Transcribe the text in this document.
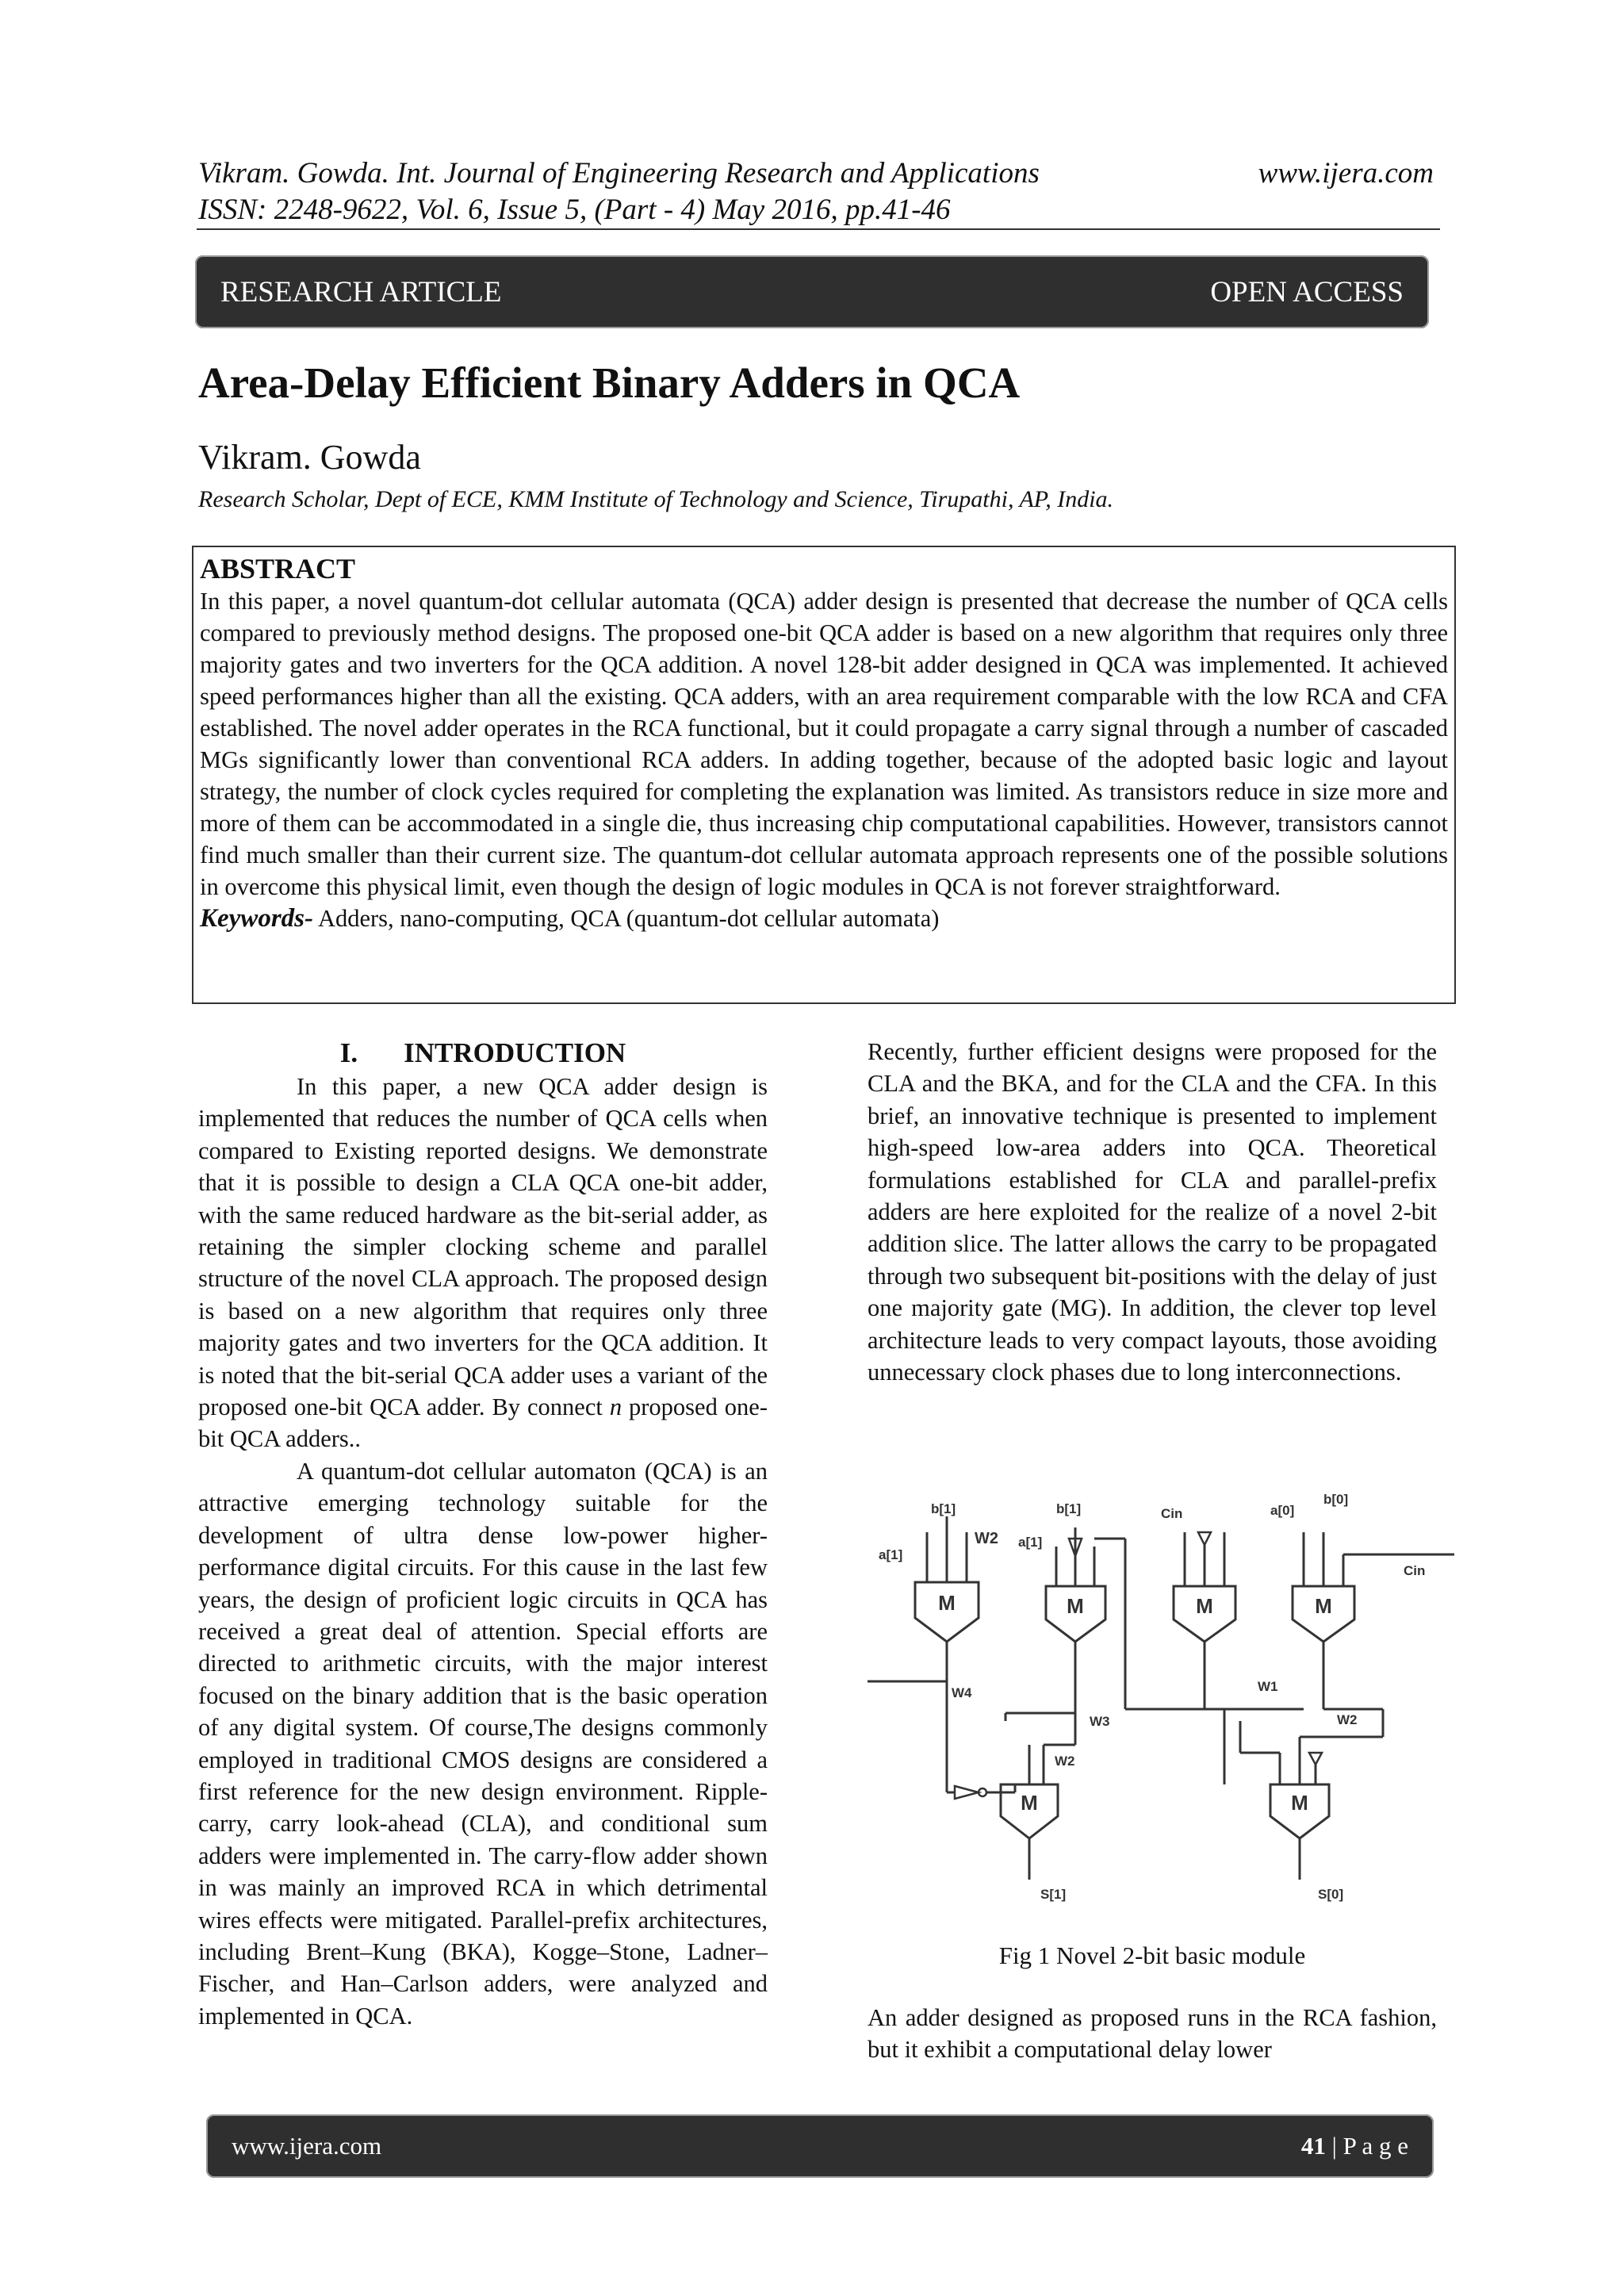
Vikram. Gowda. Int. Journal of Engineering Research and Applications
ISSN: 2248-9622, Vol. 6, Issue 5, (Part - 4) May 2016, pp.41-46
www.ijera.com
RESEARCH ARTICLE	OPEN ACCESS
Area-Delay Efficient Binary Adders in QCA
Vikram. Gowda
Research Scholar, Dept of ECE, KMM Institute of Technology and Science, Tirupathi, AP, India.
ABSTRACT

In this paper, a novel quantum-dot cellular automata (QCA) adder design is presented that decrease the number of QCA cells compared to previously method designs. The proposed one-bit QCA adder is based on a new algorithm that requires only three majority gates and two inverters for the QCA addition. A novel 128-bit adder designed in QCA was implemented. It achieved speed performances higher than all the existing. QCA adders, with an area requirement comparable with the low RCA and CFA established. The novel adder operates in the RCA functional, but it could propagate a carry signal through a number of cascaded MGs significantly lower than conventional RCA adders. In adding together, because of the adopted basic logic and layout strategy, the number of clock cycles required for completing the explanation was limited. As transistors reduce in size more and more of them can be accommodated in a single die, thus increasing chip computational capabilities. However, transistors cannot find much smaller than their current size. The quantum-dot cellular automata approach represents one of the possible solutions in overcome this physical limit, even though the design of logic modules in QCA is not forever straightforward.

Keywords- Adders, nano-computing, QCA (quantum-dot cellular automata)

I. INTRODUCTION

In this paper, a new QCA adder design is implemented that reduces the number of QCA cells when compared to Existing reported designs. We demonstrate that it is possible to design a CLA QCA one-bit adder, with the same reduced hardware as the bit-serial adder, as retaining the simpler clocking scheme and parallel structure of the novel CLA approach. The proposed design is based on a new algorithm that requires only three majority gates and two inverters for the QCA addition. It is noted that the bit-serial QCA adder uses a variant of the proposed one-bit QCA adder. By connect n proposed one-bit QCA adders..

A quantum-dot cellular automaton (QCA) is an attractive emerging technology suitable for the development of ultra dense low-power higher-performance digital circuits. For this cause in the last few years, the design of proficient logic circuits in QCA has received a great deal of attention. Special efforts are directed to arithmetic circuits, with the major interest focused on the binary addition that is the basic operation of any digital system. Of course,The designs commonly employed in traditional CMOS designs are considered a first reference for the new design environment. Ripple-carry, carry look-ahead (CLA), and conditional sum adders were implemented in. The carry-flow adder shown in was mainly an improved RCA in which detrimental wires effects were mitigated. Parallel-prefix architectures, including Brent–Kung (BKA), Kogge–Stone, Ladner–Fischer, and Han–Carlson adders, were analyzed and implemented in QCA.

Recently, further efficient designs were proposed for the CLA and the BKA, and for the CLA and the CFA. In this brief, an innovative technique is presented to implement high-speed low-area adders into QCA. Theoretical formulations established for CLA and parallel-prefix adders are here exploited for the realize of a novel 2-bit addition slice. The latter allows the carry to be propagated through two subsequent bit-positions with the delay of just one majority gate (MG). In addition, the clever top level architecture leads to very compact layouts, those avoiding unnecessary clock phases due to long interconnections.

M	M	M	M
M	M
b[1]
a[1]
W2 a[1]
b[1]	Cin	a[0]
b[0]
Cin
W4
W3
W1
W2
W2
S[1]	S[0]
Fig 1 Novel 2-bit basic module
An adder designed as proposed runs in the RCA fashion, but it exhibit a computational delay lower
www.ijera.com	41 | P a g e
